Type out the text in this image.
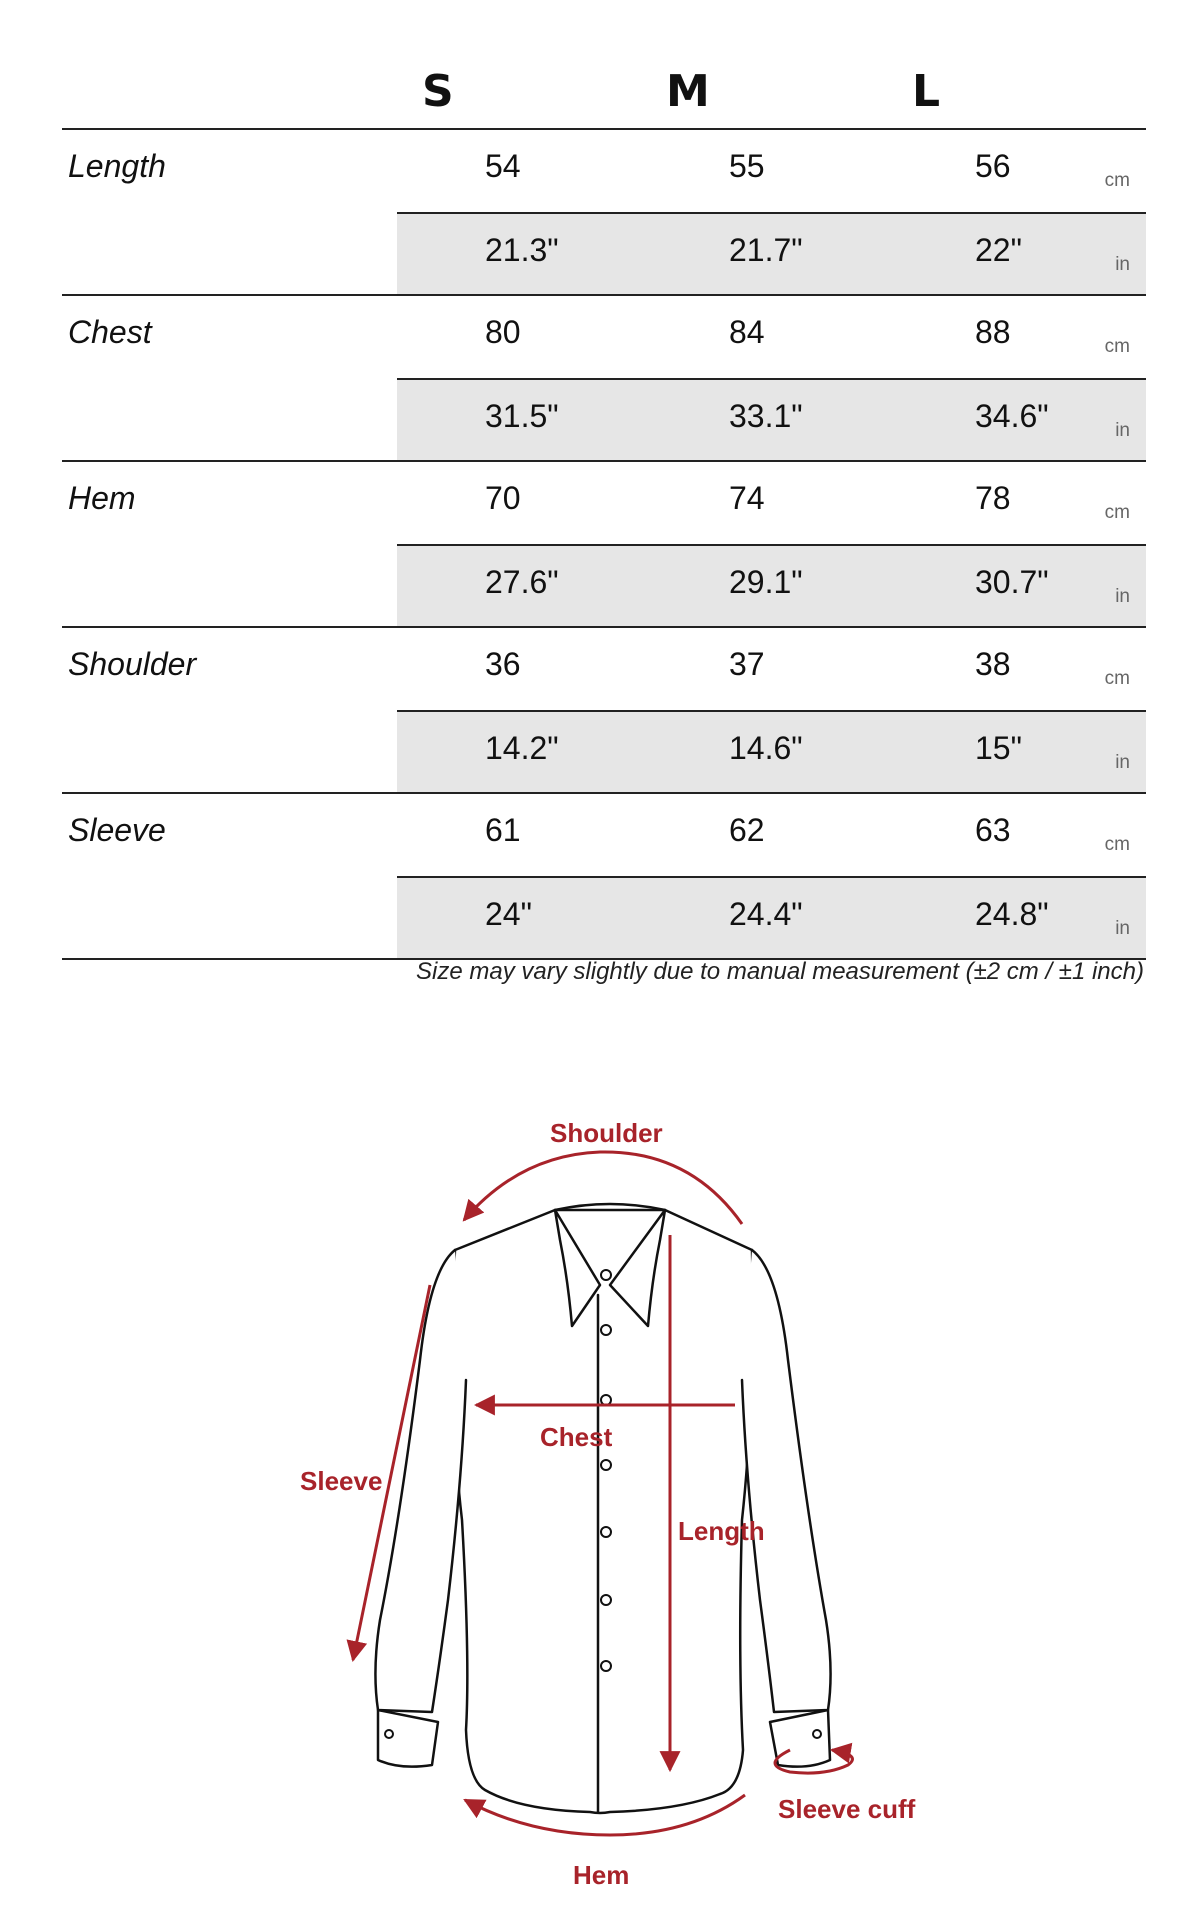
S	M	L
Length	54	55	56	cm
21.3"	21.7"	22"	in
Chest	80	84	88	cm
31.5"	33.1"	34.6"	in
Hem	70	74	78	cm
27.6"	29.1"	30.7"	in
Shoulder	36	37	38	cm
14.2"	14.6"	15"	in
Sleeve	61	62	63	cm
24"	24.4"	24.8"	in
Size may vary slightly due to manual measurement (±2 cm / ±1 inch)
Shoulder
Chest
Sleeve
Length
Sleeve cuff
Hem
